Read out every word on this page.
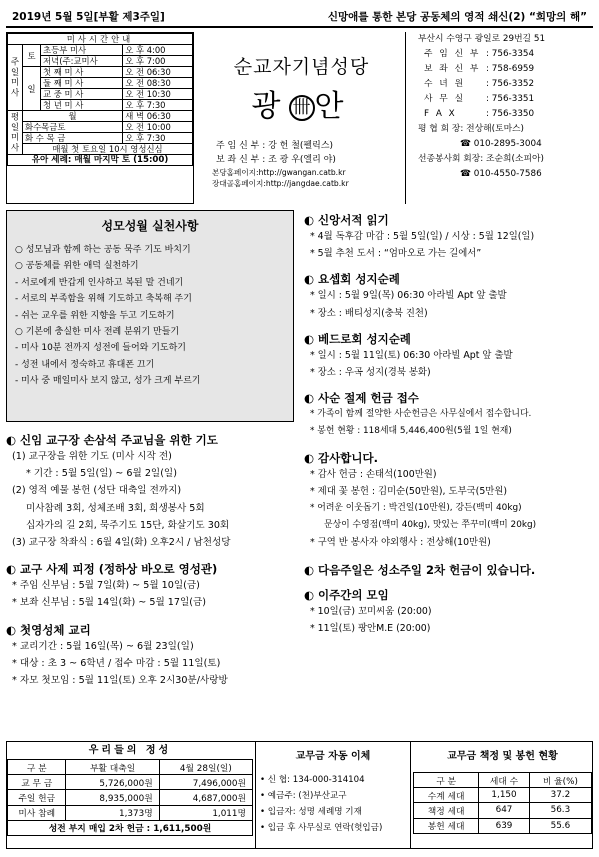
2019년 5월 5일[부활 제3주일]	신망애를 통한 본당 공동체의 영적 쇄신(2) “희망의 해”
미사시간안내			
주일미사	토	초등부 미사	오 후 4:00
		저녁(주:교미사	오 후 7:00
	일	첫 째 미 사	오 전 06:30
		둘 째 미 사	오 전 08:30
		교 중 미 사	오 전 10:30
		청 년 미 사	오 후 7:30
평일미사	월		새 벽 06:30
	화수목금토		오 전 10:00
	화 수 목 금		오 후 7:30
	매월 첫 토요일 10시 영성신심		
유아 세례: 매월 마지막 토 (15:00)			
순교자기념성당
광 卌 안
주 임 신 부 : 강 헌 철(펠릭스)
보 좌 신 부 : 조 광 우(엘리 야)
본당홈페이지:http://gwangan.catb.kr
장대골홈페이지:http://jangdae.catb.kr
부산시 수영구 광일로 29번길 51
주 임 신 부 : 756-3354
보 좌 신 부 : 758-6959
수 녀 원 : 756-3352
사 무 실 : 756-3351
F A X	: 756-3350
평 협 회 장: 전상해(토마스)
☎ 010-2895-3004
선종봉사회 회장: 조순희(소피아)
☎ 010-4550-7586
성모성월 실천사항
○ 성모님과 함께 하는 공동 묵주 기도 바치기
○ 공동체를 위한 애덕 실천하기
- 서로에게 반갑게 인사하고 복된 말 건네기
- 서로의 부족함을 위해 기도하고 축복해 주기
- 쉬는 교우를 위한 지향을 두고 기도하기
○ 기본에 충실한 미사 전례 분위기 만들기
- 미사 10분 전까지 성전에 들어와 기도하기
- 성전 내에서 정숙하고 휴대폰 끄기
- 미사 중 매일미사 보지 않고, 성가 크게 부르기
◐ 신임 교구장 손삼석 주교님을 위한 기도
(1) 교구장을 위한 기도 (미사 시작 전)
* 기간 : 5월 5일(일) ~ 6월 2일(일)
(2) 영적 예물 봉헌 (성단 대축일 전까지)
미사참례 3회, 성체조배 3회, 희생봉사 5회
십자가의 길 2회, 묵주기도 15단, 화살기도 30회
(3) 교구장 착좌식 : 6월 4일(화) 오후2시 / 남천성당
◐ 교구 사제 피정 (정하상 바오로 영성관)
* 주임 신부님 : 5월 7일(화) ~ 5월 10일(금)
* 보좌 신부님 : 5월 14일(화) ~ 5월 17일(금)
◐ 첫영성체 교리
* 교리기간 : 5월 16일(목) ~ 6월 23일(일)
* 대상 : 초 3 ~ 6학년 / 접수 마감 : 5월 11일(토)
* 자모 첫모임 : 5월 11일(토) 오후 2시30분/사랑방
◐ 신앙서적 읽기
* 4월 독후감 마감 : 5월 5일(일) / 시상 : 5월 12일(일)
* 5월 추천 도서 : “엄마오로 가는 길에서”
◐ 요셉회 성지순례
* 일시 : 5월 9일(목) 06:30 아라빌 Apt 앞 출발
* 장소 : 배티성지(충북 진천)
◐ 베드로회 성지순례
* 일시 : 5월 11일(토) 06:30 아라빌 Apt 앞 출발
* 장소 : 우곡 성지(경북 봉화)
◐ 사순 절제 헌금 접수
* 가족이 함께 절약한 사순헌금은 사무실에서 접수합니다.
* 봉헌 현황 : 118세대 5,446,400원(5월 1일 현재)
◐ 감사합니다.
* 감사 헌금 : 손태석(100만원)
* 제대 꽃 봉헌 : 김미순(50만원), 도부국(5만원)
* 어려운 이웃돕기 : 박건일(10만원), 강든(백미 40kg)
문상이 수영점(백미 40kg), 맛있는 쭈꾸미(백미 20kg)
* 구역 반 봉사자 야외행사 : 전상해(10만원)
◐ 다음주일은 성소주일 2차 헌금이 있습니다.
◐ 이주간의 모임
* 10일(금) 꼬미씨움 (20:00)
* 11일(토) 팡안M.E (20:00)
우리들의 정성
구 분	부활 대축일	4월 28일(일)
교 무 금	5,726,000원	7,496,000원
주일 헌금	8,935,000원	4,687,000원
미사 참례	1,373명	1,011명
성전 부지 매입 2차 헌금 : 1,611,500원		
교무금 자동 이체
• 신 협: 134-000-314104
• 예금주: (천)부산교구
• 입금자: 성명 세례명 기재
• 입금 후 사무실로 연락(헛입금)
교무금 책정 및 봉헌 현황
구 분	세대 수	비 율(%)
수계 세대	1,150	37.2
책정 세대	647	56.3
봉헌 세대	639	55.6
